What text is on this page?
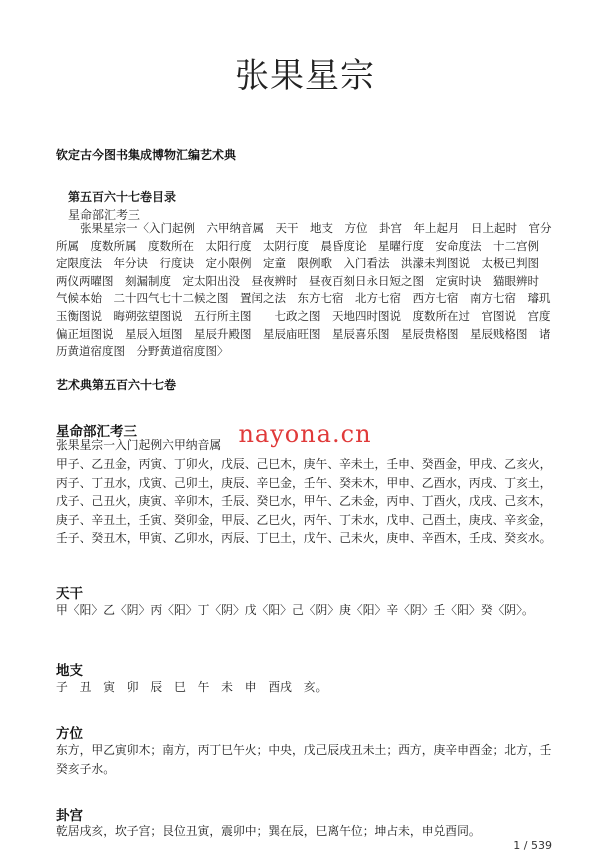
张果星宗
钦定古今图书集成博物汇编艺术典
第五百六十七卷目录
星命部汇考三
张果星宗一〈入门起例　六甲纳音属　天干　地支　方位　卦宫　年上起月　日上起时　官分所属　度数所属　度数所在　太阳行度　太阴行度　晨昏度论　星曜行度　安命度法　十二宫例　定限度法　年分诀　行度诀　定小限例　定童　限例歌　入门看法　洪濛未判图说　太极已判图　两仪两曜图　刻漏制度　定太阳出没　昼夜辨时　昼夜百刻日永日短之图　定寅时诀　猫眼辨时　气候本始　二十四气七十二候之图　置闰之法　东方七宿　北方七宿　西方七宿　南方七宿　璿玑　玉衡图说　晦朔弦望图说　五行所主图　　七政之图　天地四时图说　度数所在过　官图说　宫度偏正垣图说　星辰入垣图　星辰升殿图　星辰庙旺图　星辰喜乐图　星辰贵格图　星辰贱格图　诸历黄道宿度图　分野黄道宿度图〉
艺术典第五百六十七卷
星命部汇考三
张果星宗一入门起例六甲纳音属
甲子、乙丑金，丙寅、丁卯火，戊辰、己巳木，庚午、辛未土，壬申、癸酉金，甲戌、乙亥火，丙子、丁丑水，戊寅、己卯土，庚辰、辛巳金，壬午、癸未木，甲申、乙酉水，丙戌、丁亥土，戊子、己丑火，庚寅、辛卯木，壬辰、癸巳水，甲午、乙未金，丙申、丁酉火，戊戌、己亥木，庚子、辛丑土，壬寅、癸卯金，甲辰、乙巳火，丙午、丁未水，戊申、己酉土，庚戌、辛亥金，壬子、癸丑木，甲寅、乙卯水，丙辰、丁巳土，戊午、己未火，庚申、辛酉木，壬戌、癸亥水。
nayona.cn
天干
甲〈阳〉乙〈阴〉丙〈阳〉丁〈阴〉戊〈阳〉己〈阴〉庚〈阳〉辛〈阴〉壬〈阳〉癸〈阴〉。
地支
子　丑　寅　卯　辰　巳　午　未　申　酉戌　亥。
方位
东方，甲乙寅卯木；南方，丙丁巳午火；中央，戊己辰戌丑未土；西方，庚辛申酉金；北方，壬癸亥子水。
卦宫
乾居戌亥，坎子宫；艮位丑寅，震卯中；巽在辰，巳离午位；坤占未，申兑酉同。
1 / 539
